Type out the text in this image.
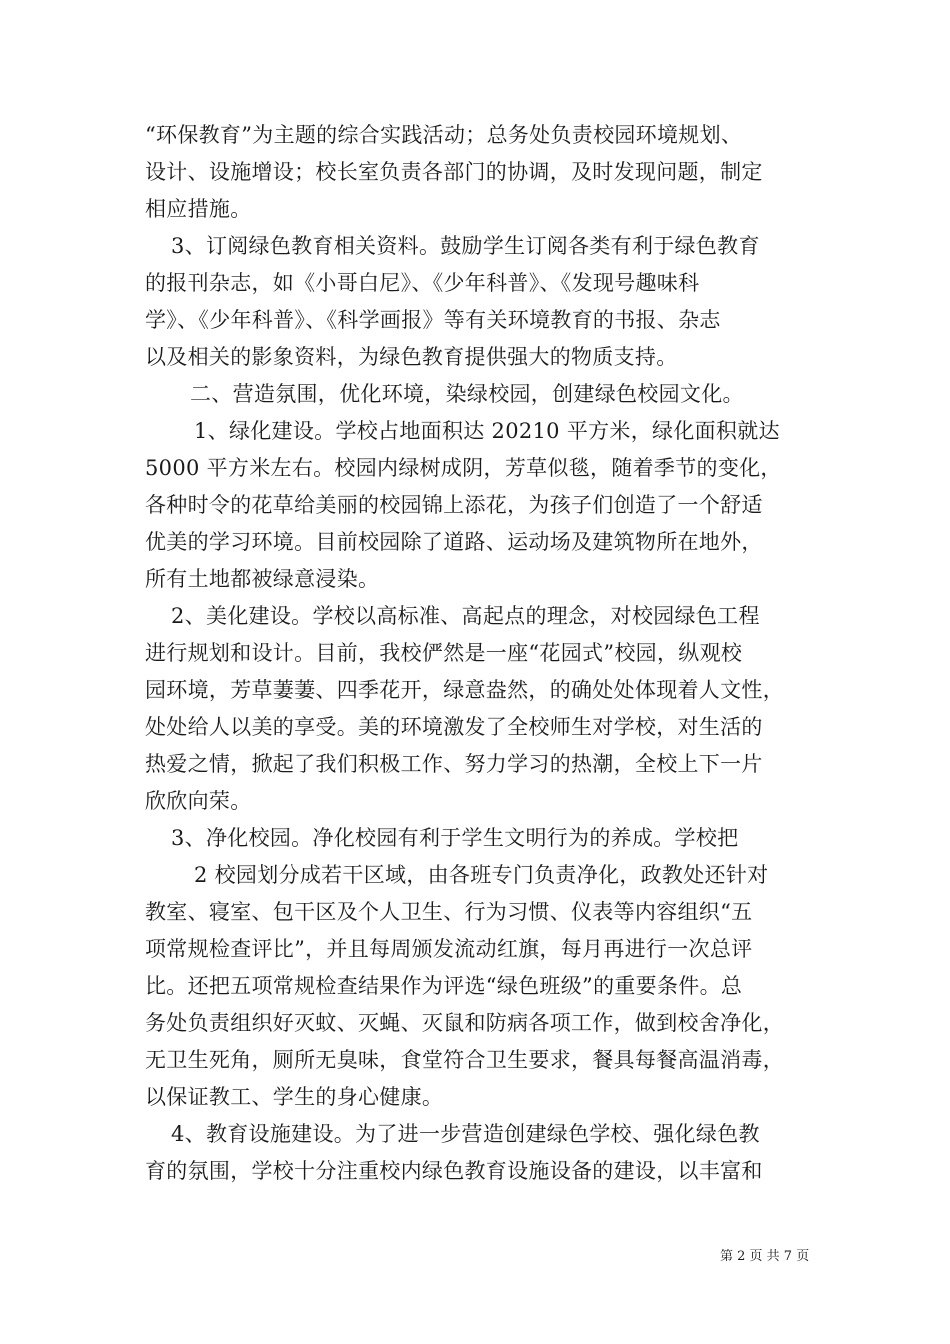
“环保教育”为主题的综合实践活动；总务处负责校园环境规划、
设计、设施增设；校长室负责各部门的协调，及时发现问题，制定
相应措施。
3、订阅绿色教育相关资料。鼓励学生订阅各类有利于绿色教育
的报刊杂志，如《小哥白尼》、《少年科普》、《发现号趣味科
学》、《少年科普》、《科学画报》等有关环境教育的书报、杂志
以及相关的影象资料，为绿色教育提供强大的物质支持。
二、营造氛围，优化环境，染绿校园，创建绿色校园文化。
1、绿化建设。学校占地面积达 20210 平方米，绿化面积就达
5000 平方米左右。校园内绿树成阴，芳草似毯，随着季节的变化，
各种时令的花草给美丽的校园锦上添花，为孩子们创造了一个舒适
优美的学习环境。目前校园除了道路、运动场及建筑物所在地外，
所有土地都被绿意浸染。
2、美化建设。学校以高标准、高起点的理念，对校园绿色工程
进行规划和设计。目前，我校俨然是一座“花园式”校园，纵观校
园环境，芳草萋萋、四季花开，绿意盎然，的确处处体现着人文性，
处处给人以美的享受。美的环境激发了全校师生对学校，对生活的
热爱之情，掀起了我们积极工作、努力学习的热潮，全校上下一片
欣欣向荣。
3、净化校园。净化校园有利于学生文明行为的养成。学校把
2 校园划分成若干区域，由各班专门负责净化，政教处还针对
教室、寝室、包干区及个人卫生、行为习惯、仪表等内容组织“五
项常规检查评比”，并且每周颁发流动红旗，每月再进行一次总评
比。还把五项常规检查结果作为评选“绿色班级”的重要条件。总
务处负责组织好灭蚊、灭蝇、灭鼠和防病各项工作，做到校舍净化，
无卫生死角，厕所无臭味，食堂符合卫生要求，餐具每餐高温消毒，
以保证教工、学生的身心健康。
4、教育设施建设。为了进一步营造创建绿色学校、强化绿色教
育的氛围，学校十分注重校内绿色教育设施设备的建设，以丰富和
第 2 页 共 7 页
